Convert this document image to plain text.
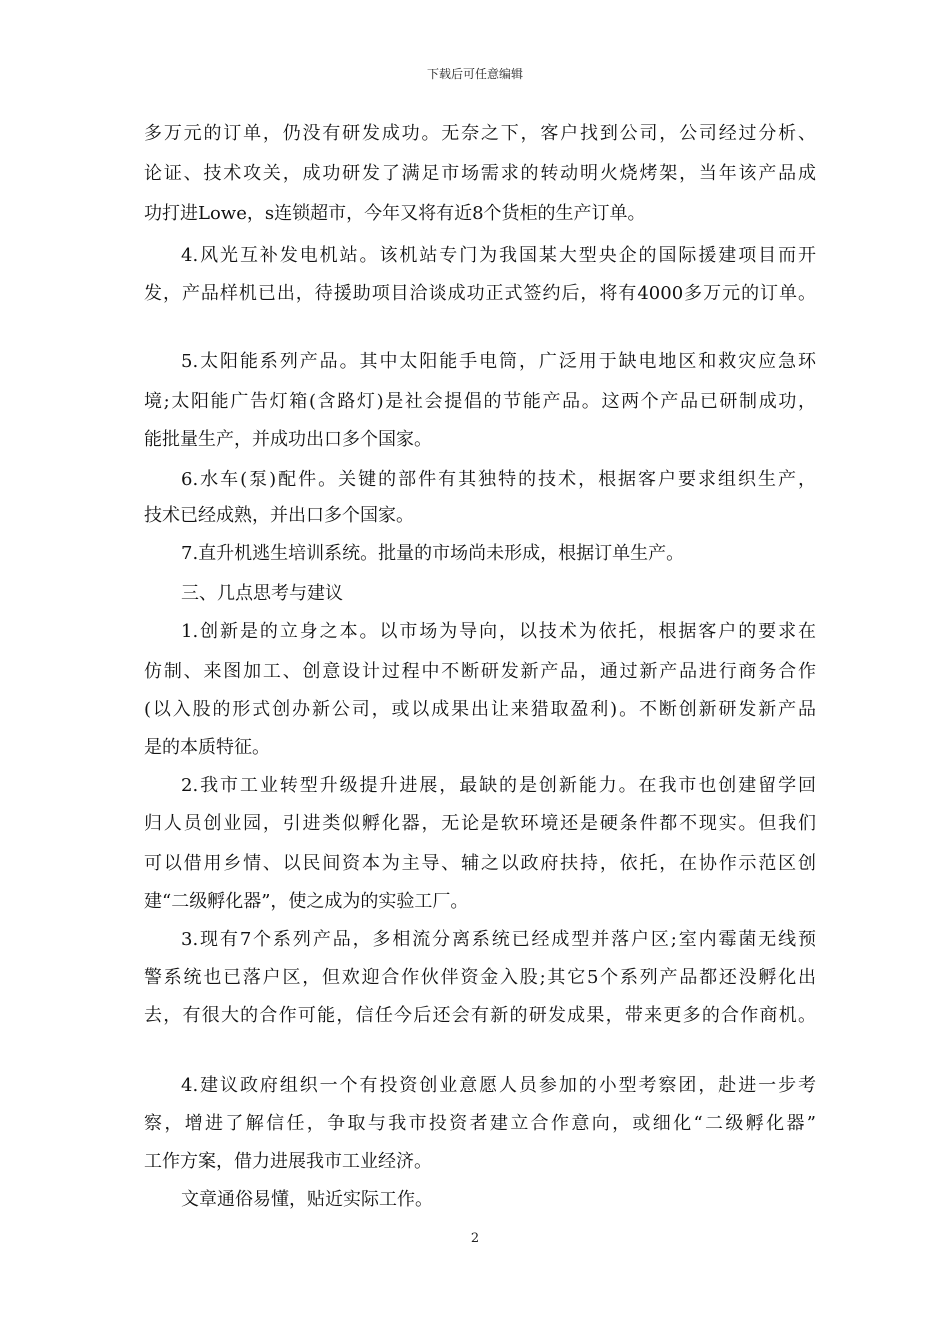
下载后可任意编辑
多万元的订单，仍没有研发成功。无奈之下，客户找到公司，公司经过分析、
论证、技术攻关，成功研发了满足市场需求的转动明火烧烤架，当年该产品成
功打进Lowe，s连锁超市，今年又将有近8个货柜的生产订单。
4.风光互补发电机站。该机站专门为我国某大型央企的国际援建项目而开
发，产品样机已出，待援助项目洽谈成功正式签约后，将有4000多万元的订单。
5.太阳能系列产品。其中太阳能手电筒，广泛用于缺电地区和救灾应急环
境;太阳能广告灯箱(含路灯)是社会提倡的节能产品。这两个产品已研制成功，
能批量生产，并成功出口多个国家。
6.水车(泵)配件。关键的部件有其独特的技术，根据客户要求组织生产，
技术已经成熟，并出口多个国家。
7.直升机逃生培训系统。批量的市场尚未形成，根据订单生产。
三、几点思考与建议
1.创新是的立身之本。以市场为导向，以技术为依托，根据客户的要求在
仿制、来图加工、创意设计过程中不断研发新产品，通过新产品进行商务合作
(以入股的形式创办新公司，或以成果出让来猎取盈利)。不断创新研发新产品
是的本质特征。
2.我市工业转型升级提升进展，最缺的是创新能力。在我市也创建留学回
归人员创业园，引进类似孵化器，无论是软环境还是硬条件都不现实。但我们
可以借用乡情、以民间资本为主导、辅之以政府扶持，依托，在协作示范区创
建“二级孵化器”，使之成为的实验工厂。
3.现有7个系列产品，多相流分离系统已经成型并落户区;室内霉菌无线预
警系统也已落户区，但欢迎合作伙伴资金入股;其它5个系列产品都还没孵化出
去，有很大的合作可能，信任今后还会有新的研发成果，带来更多的合作商机。
4.建议政府组织一个有投资创业意愿人员参加的小型考察团，赴进一步考
察，增进了解信任，争取与我市投资者建立合作意向，或细化“二级孵化器”
工作方案，借力进展我市工业经济。
文章通俗易懂，贴近实际工作。
2
